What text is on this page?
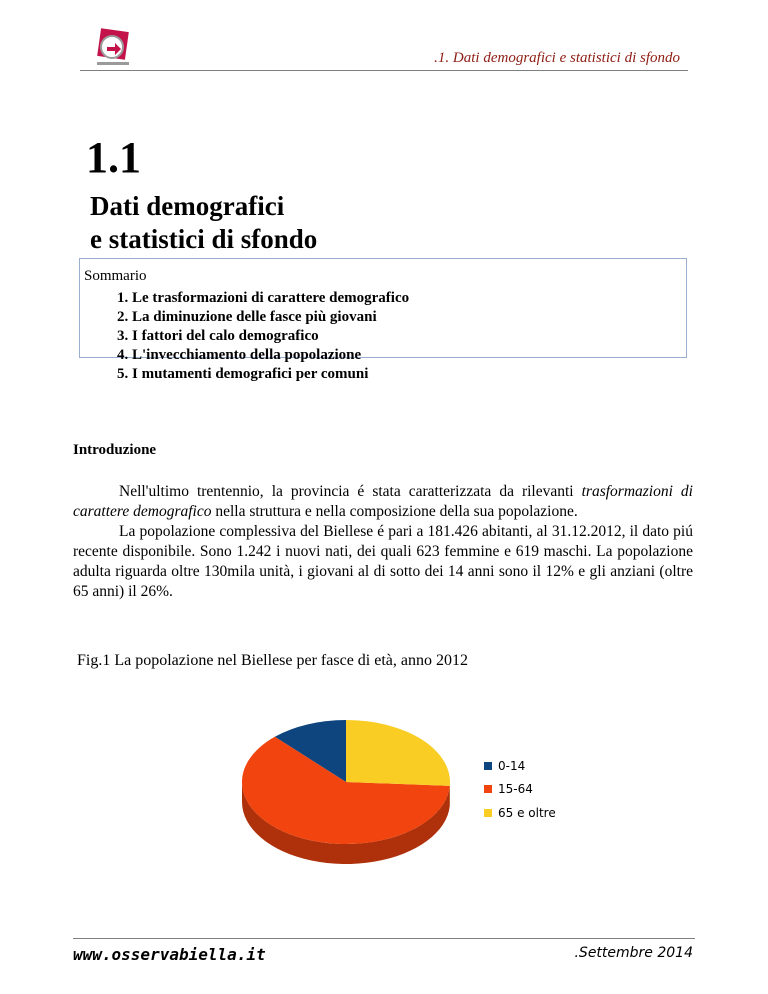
.1. Dati demografici e statistici di sfondo
1.1
Dati demografici
e statistici di sfondo
Sommario
1. Le trasformazioni di carattere demografico
2. La diminuzione delle fasce più giovani
3. I fattori del calo demografico
4. L'invecchiamento della popolazione
5. I mutamenti demografici per comuni
Introduzione

Nell'ultimo trentennio, la provincia é stata caratterizzata da rilevanti trasformazioni di carattere demografico nella struttura e nella composizione della sua popolazione.

La popolazione complessiva del Biellese é pari a 181.426 abitanti, al 31.12.2012, il dato piú recente disponibile. Sono 1.242 i nuovi nati, dei quali 623 femmine e 619 maschi. La popolazione adulta riguarda oltre 130mila unità, i giovani al di sotto dei 14 anni sono il 12% e gli anziani (oltre 65 anni) il 26%.

Fig.1 La popolazione nel Biellese per fasce di età, anno 2012
0-14
15-64
65 e oltre
www.osservabiella.it	.Settembre 2014
